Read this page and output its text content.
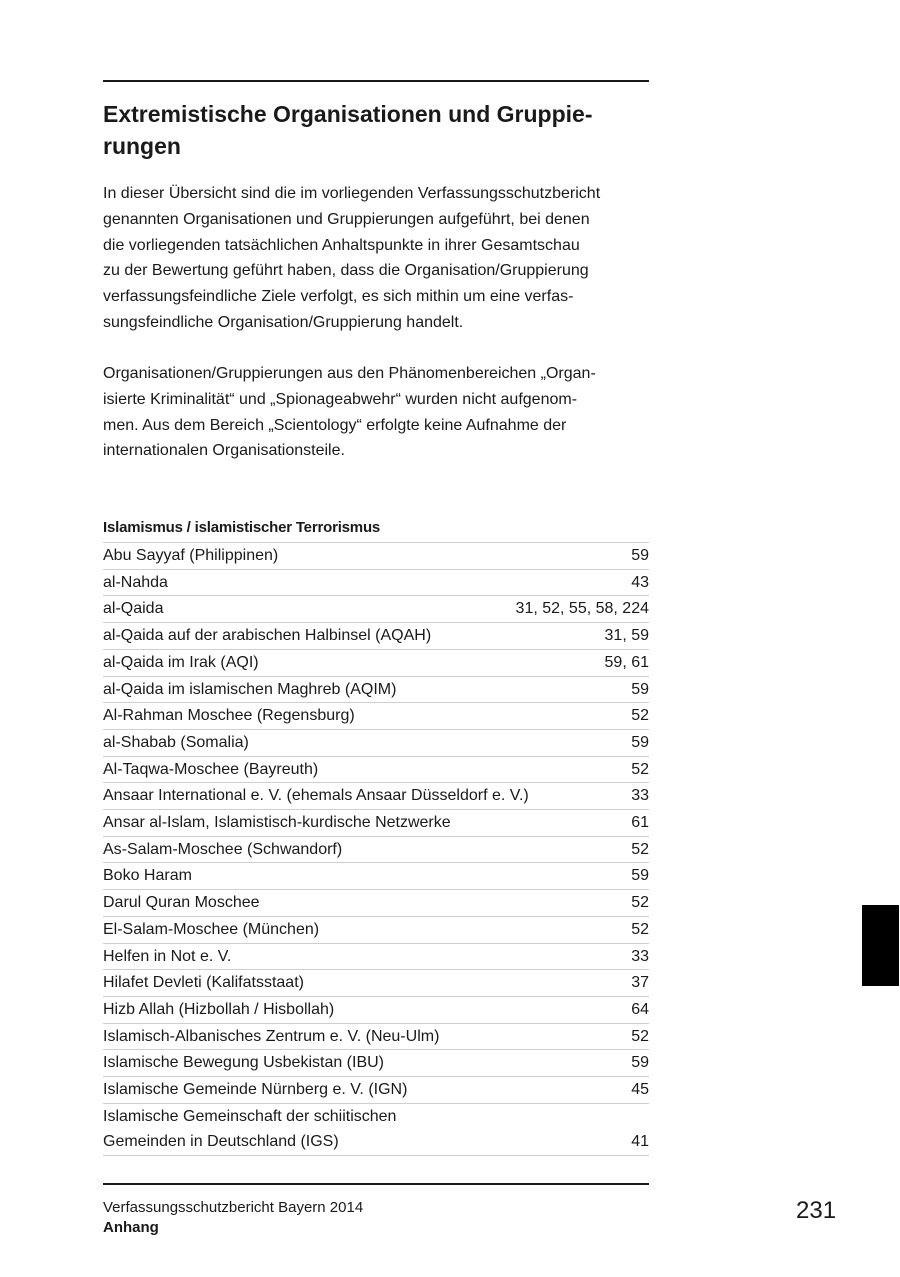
Extremistische Organisationen und Gruppie-
rungen

In dieser Übersicht sind die im vorliegenden Verfassungsschutzbericht
genannten Organisationen und Gruppierungen aufgeführt, bei denen
die vorliegenden tatsächlichen Anhaltspunkte in ihrer Gesamtschau
zu der Bewertung geführt haben, dass die Organisation/Gruppierung
verfassungsfeindliche Ziele verfolgt, es sich mithin um eine verfas-
sungsfeindliche Organisation/Gruppierung handelt.

Organisationen/Gruppierungen aus den Phänomenbereichen „Organ-
isierte Kriminalität“ und „Spionageabwehr“ wurden nicht aufgenom-
men. Aus dem Bereich „Scientology“ erfolgte keine Aufnahme der
internationalen Organisationsteile.

Islamismus / islamistischer Terrorismus
Abu Sayyaf (Philippinen)	59
al-Nahda	43
al-Qaida	31, 52, 55, 58, 224
al-Qaida auf der arabischen Halbinsel (AQAH)	31, 59
al-Qaida im Irak (AQI)	59, 61
al-Qaida im islamischen Maghreb (AQIM)	59
Al-Rahman Moschee (Regensburg)	52
al-Shabab (Somalia)	59
Al-Taqwa-Moschee (Bayreuth)	52
Ansaar International e. V. (ehemals Ansaar Düsseldorf e. V.)	33
Ansar al-Islam, Islamistisch-kurdische Netzwerke	61
As-Salam-Moschee (Schwandorf)	52
Boko Haram	59
Darul Quran Moschee	52
El-Salam-Moschee (München)	52
Helfen in Not e. V.	33
Hilafet Devleti (Kalifatsstaat)	37
Hizb Allah (Hizbollah / Hisbollah)	64
Islamisch-Albanisches Zentrum e. V. (Neu-Ulm)	52
Islamische Bewegung Usbekistan (IBU)	59
Islamische Gemeinde Nürnberg e. V. (IGN)	45
Islamische Gemeinschaft der schiitischen
Gemeinden in Deutschland (IGS)	41
Verfassungsschutzbericht Bayern 2014
Anhang
231
